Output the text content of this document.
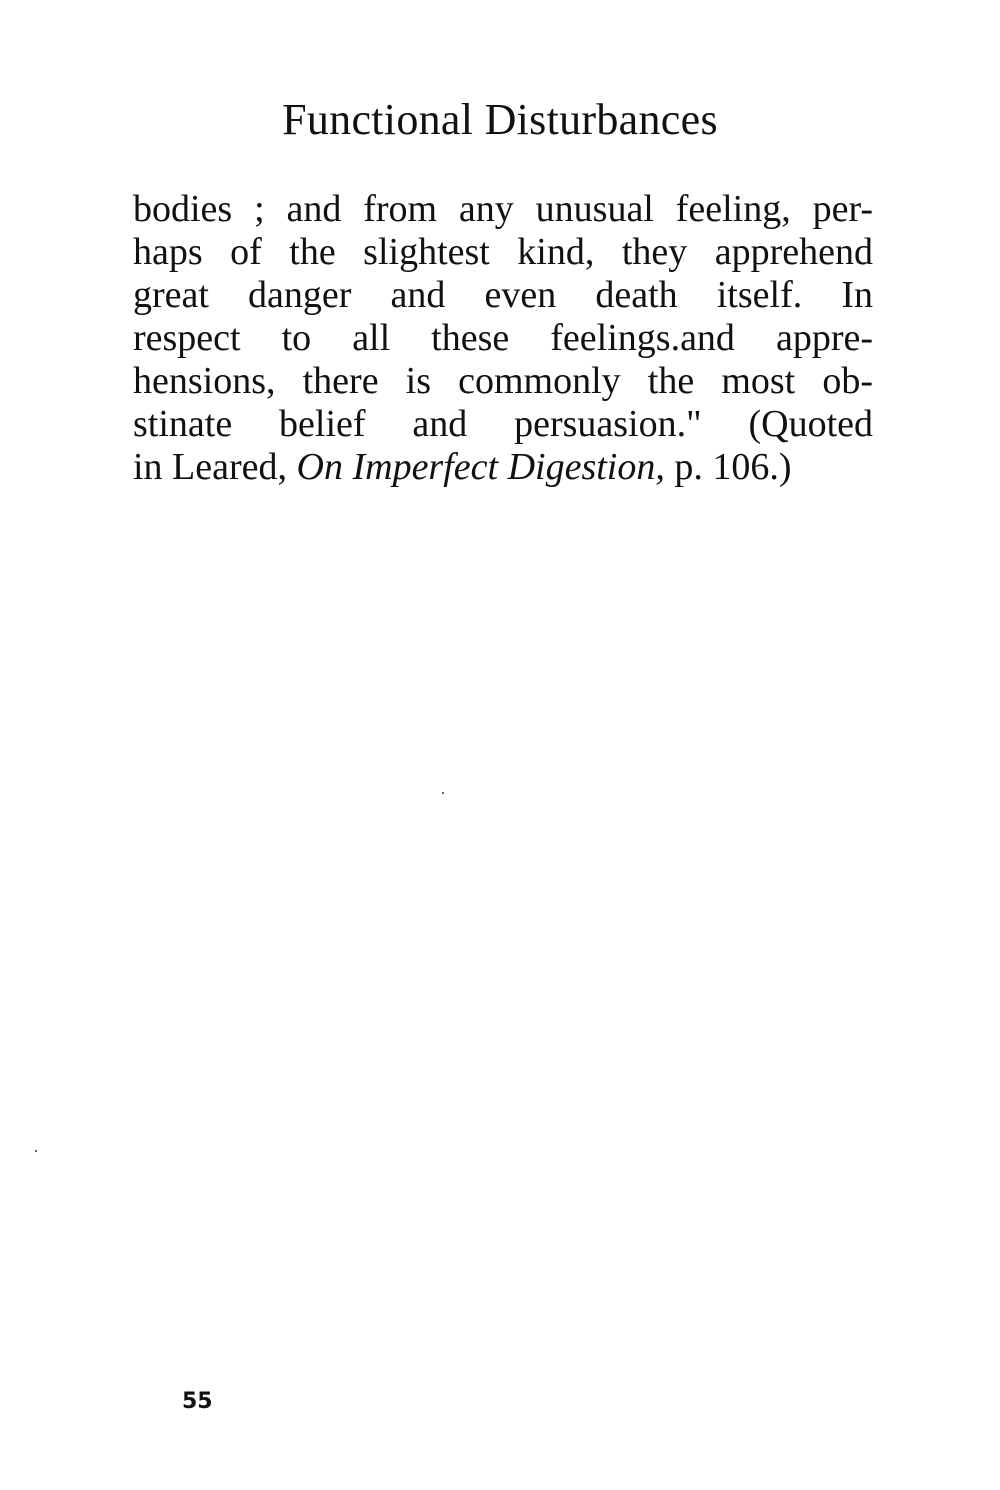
Functional Disturbances
bodies ; and from any unusual feeling, per-
haps of the slightest kind, they apprehend
great danger and even death itself. In
respect to all these feelings.and appre-
hensions, there is commonly the most ob-
stinate belief and persuasion." (Quoted
in Leared, On Imperfect Digestion, p. 106.)
55
